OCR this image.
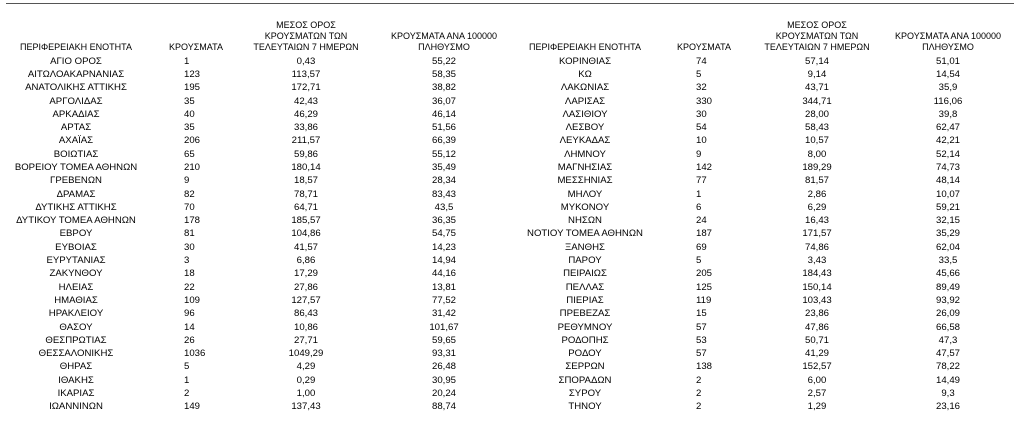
ΠΕΡΙΦΕΡΕΙΑΚΗ ΕΝΟΤΗΤΑ	ΚΡΟΥΣΜΑΤΑ	ΜΕΣΟΣ ΟΡΟΣ
ΚΡΟΥΣΜΑΤΩΝ ΤΩΝ
ΤΕΛΕΥΤΑΙΩΝ 7 ΗΜΕΡΩΝ	ΚΡΟΥΣΜΑΤΑ ΑΝΑ 100000
ΠΛΗΘΥΣΜΟ
ΑΓΙΟ ΟΡΟΣ	1	0,43	55,22
ΑΙΤΩΛΟΑΚΑΡΝΑΝΙΑΣ	123	113,57	58,35
ΑΝΑΤΟΛΙΚΗΣ ΑΤΤΙΚΗΣ	195	172,71	38,82
ΑΡΓΟΛΙΔΑΣ	35	42,43	36,07
ΑΡΚΑΔΙΑΣ	40	46,29	46,14
ΑΡΤΑΣ	35	33,86	51,56
ΑΧΑΪΑΣ	206	211,57	66,39
ΒΟΙΩΤΙΑΣ	65	59,86	55,12
ΒΟΡΕΙΟΥ ΤΟΜΕΑ ΑΘΗΝΩΝ	210	180,14	35,49
ΓΡΕΒΕΝΩΝ	9	18,57	28,34
ΔΡΑΜΑΣ	82	78,71	83,43
ΔΥΤΙΚΗΣ ΑΤΤΙΚΗΣ	70	64,71	43,5
ΔΥΤΙΚΟΥ ΤΟΜΕΑ ΑΘΗΝΩΝ	178	185,57	36,35
ΕΒΡΟΥ	81	104,86	54,75
ΕΥΒΟΙΑΣ	30	41,57	14,23
ΕΥΡΥΤΑΝΙΑΣ	3	6,86	14,94
ΖΑΚΥΝΘΟΥ	18	17,29	44,16
ΗΛΕΙΑΣ	22	27,86	13,81
ΗΜΑΘΙΑΣ	109	127,57	77,52
ΗΡΑΚΛΕΙΟΥ	96	86,43	31,42
ΘΑΣΟΥ	14	10,86	101,67
ΘΕΣΠΡΩΤΙΑΣ	26	27,71	59,65
ΘΕΣΣΑΛΟΝΙΚΗΣ	1036	1049,29	93,31
ΘΗΡΑΣ	5	4,29	26,48
ΙΘΑΚΗΣ	1	0,29	30,95
ΙΚΑΡΙΑΣ	2	1,00	20,24
ΙΩΑΝΝΙΝΩΝ	149	137,43	88,74
ΠΕΡΙΦΕΡΕΙΑΚΗ ΕΝΟΤΗΤΑ	ΚΡΟΥΣΜΑΤΑ	ΜΕΣΟΣ ΟΡΟΣ
ΚΡΟΥΣΜΑΤΩΝ ΤΩΝ
ΤΕΛΕΥΤΑΙΩΝ 7 ΗΜΕΡΩΝ	ΚΡΟΥΣΜΑΤΑ ΑΝΑ 100000
ΠΛΗΘΥΣΜΟ
ΚΟΡΙΝΘΙΑΣ	74	57,14	51,01
ΚΩ	5	9,14	14,54
ΛΑΚΩΝΙΑΣ	32	43,71	35,9
ΛΑΡΙΣΑΣ	330	344,71	116,06
ΛΑΣΙΘΙΟΥ	30	28,00	39,8
ΛΕΣΒΟΥ	54	58,43	62,47
ΛΕΥΚΑΔΑΣ	10	10,57	42,21
ΛΗΜΝΟΥ	9	8,00	52,14
ΜΑΓΝΗΣΙΑΣ	142	189,29	74,73
ΜΕΣΣΗΝΙΑΣ	77	81,57	48,14
ΜΗΛΟΥ	1	2,86	10,07
ΜΥΚΟΝΟΥ	6	6,29	59,21
ΝΗΣΩΝ	24	16,43	32,15
ΝΟΤΙΟΥ ΤΟΜΕΑ ΑΘΗΝΩΝ	187	171,57	35,29
ΞΑΝΘΗΣ	69	74,86	62,04
ΠΑΡΟΥ	5	3,43	33,5
ΠΕΙΡΑΙΩΣ	205	184,43	45,66
ΠΕΛΛΑΣ	125	150,14	89,49
ΠΙΕΡΙΑΣ	119	103,43	93,92
ΠΡΕΒΕΖΑΣ	15	23,86	26,09
ΡΕΘΥΜΝΟΥ	57	47,86	66,58
ΡΟΔΟΠΗΣ	53	50,71	47,3
ΡΟΔΟΥ	57	41,29	47,57
ΣΕΡΡΩΝ	138	152,57	78,22
ΣΠΟΡΑΔΩΝ	2	6,00	14,49
ΣΥΡΟΥ	2	2,57	9,3
ΤΗΝΟΥ	2	1,29	23,16
